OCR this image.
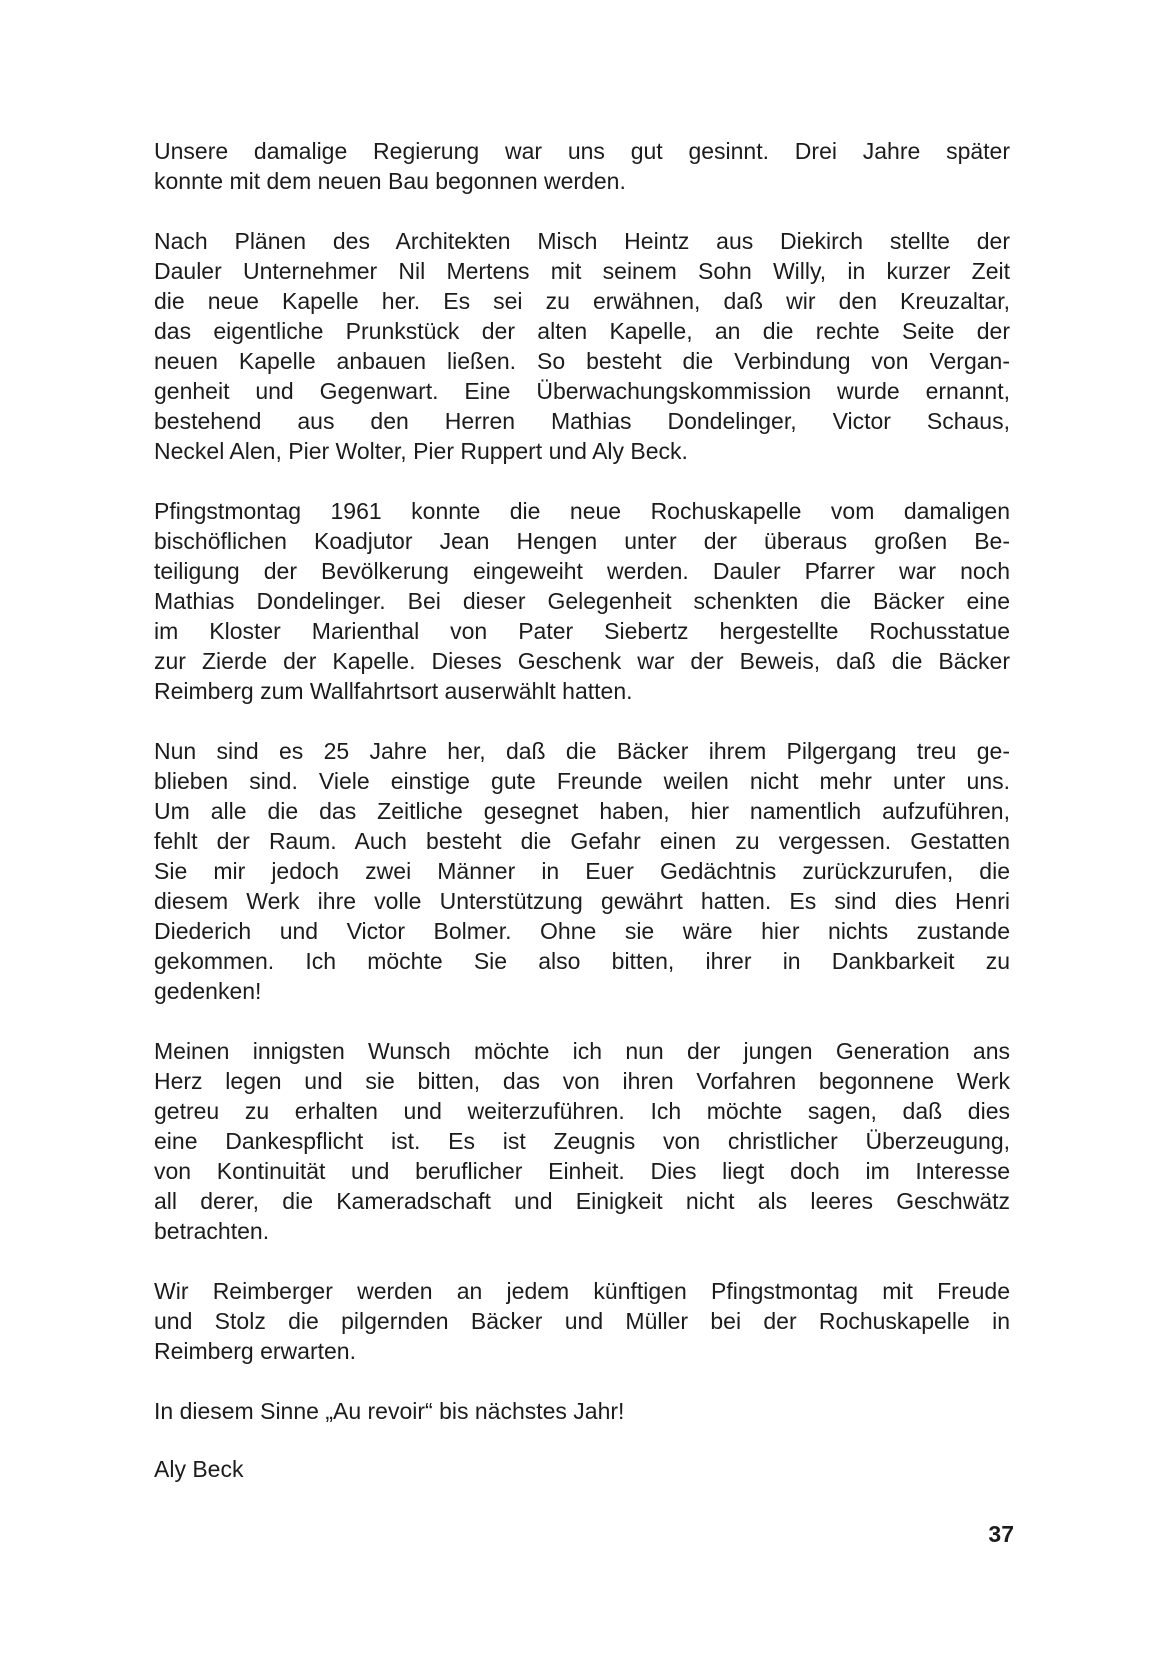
Unsere damalige Regierung war uns gut gesinnt. Drei Jahre später
konnte mit dem neuen Bau begonnen werden.

Nach Plänen des Architekten Misch Heintz aus Diekirch stellte der
Dauler Unternehmer Nil Mertens mit seinem Sohn Willy, in kurzer Zeit
die neue Kapelle her. Es sei zu erwähnen, daß wir den Kreuzaltar,
das eigentliche Prunkstück der alten Kapelle, an die rechte Seite der
neuen Kapelle anbauen ließen. So besteht die Verbindung von Vergan-
genheit und Gegenwart. Eine Überwachungskommission wurde ernannt,
bestehend aus den Herren Mathias Dondelinger, Victor Schaus,
Neckel Alen, Pier Wolter, Pier Ruppert und Aly Beck.

Pfingstmontag 1961 konnte die neue Rochuskapelle vom damaligen
bischöflichen Koadjutor Jean Hengen unter der überaus großen Be-
teiligung der Bevölkerung eingeweiht werden. Dauler Pfarrer war noch
Mathias Dondelinger. Bei dieser Gelegenheit schenkten die Bäcker eine
im Kloster Marienthal von Pater Siebertz hergestellte Rochusstatue
zur Zierde der Kapelle. Dieses Geschenk war der Beweis, daß die Bäcker
Reimberg zum Wallfahrtsort auserwählt hatten.

Nun sind es 25 Jahre her, daß die Bäcker ihrem Pilgergang treu ge-
blieben sind. Viele einstige gute Freunde weilen nicht mehr unter uns.
Um alle die das Zeitliche gesegnet haben, hier namentlich aufzuführen,
fehlt der Raum. Auch besteht die Gefahr einen zu vergessen. Gestatten
Sie mir jedoch zwei Männer in Euer Gedächtnis zurückzurufen, die
diesem Werk ihre volle Unterstützung gewährt hatten. Es sind dies Henri
Diederich und Victor Bolmer. Ohne sie wäre hier nichts zustande
gekommen. Ich möchte Sie also bitten, ihrer in Dankbarkeit zu
gedenken!

Meinen innigsten Wunsch möchte ich nun der jungen Generation ans
Herz legen und sie bitten, das von ihren Vorfahren begonnene Werk
getreu zu erhalten und weiterzuführen. Ich möchte sagen, daß dies
eine Dankespflicht ist. Es ist Zeugnis von christlicher Überzeugung,
von Kontinuität und beruflicher Einheit. Dies liegt doch im Interesse
all derer, die Kameradschaft und Einigkeit nicht als leeres Geschwätz
betrachten.

Wir Reimberger werden an jedem künftigen Pfingstmontag mit Freude
und Stolz die pilgernden Bäcker und Müller bei der Rochuskapelle in
Reimberg erwarten.

In diesem Sinne „Au revoir“ bis nächstes Jahr!

Aly Beck

37
